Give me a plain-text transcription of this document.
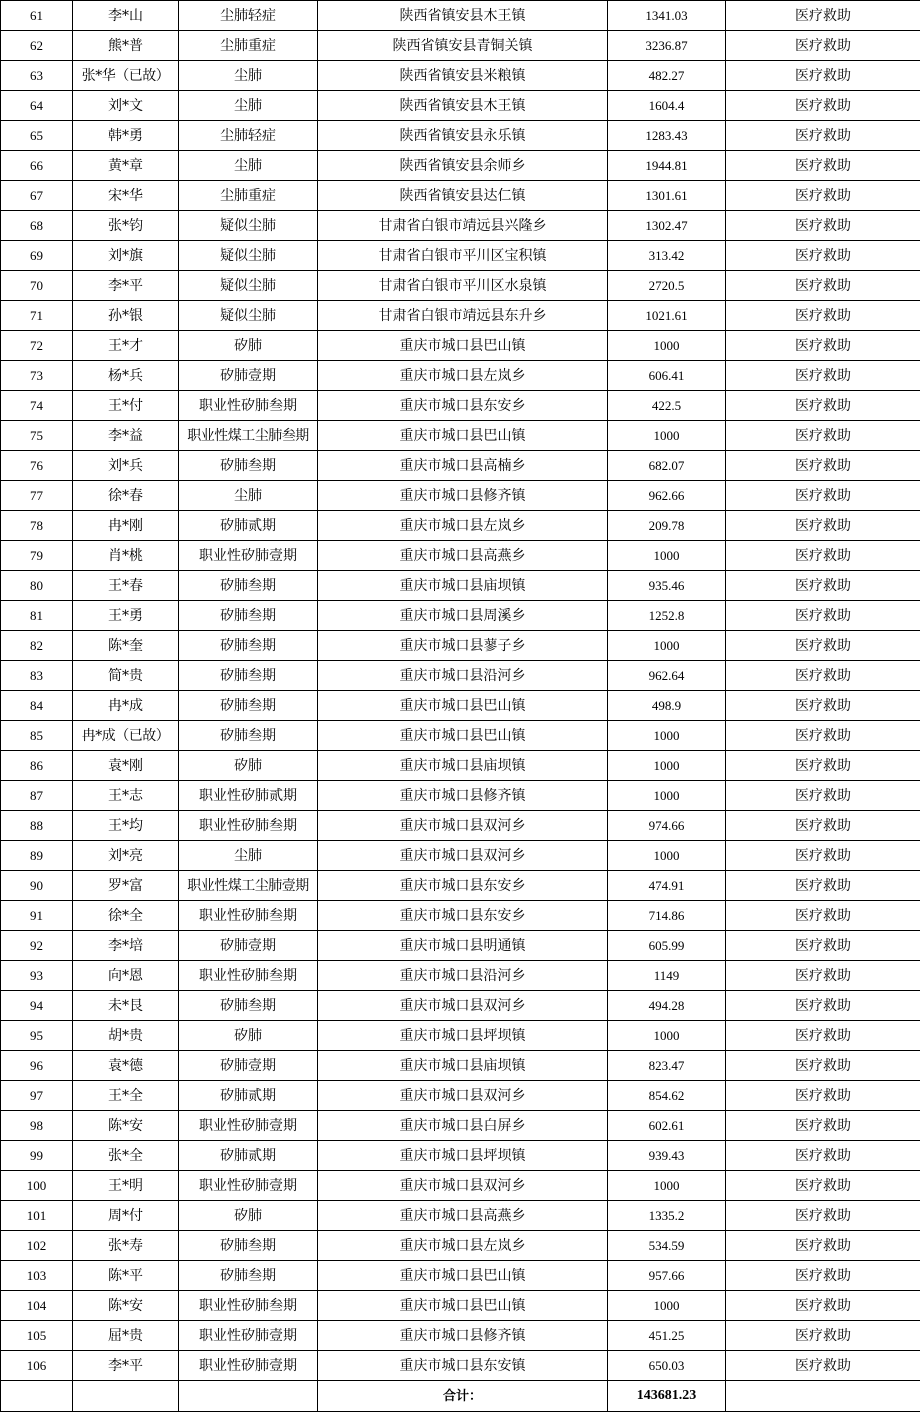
61	李*山	尘肺轻症	陕西省镇安县木王镇	1341.03	医疗救助
62	熊*普	尘肺重症	陕西省镇安县青铜关镇	3236.87	医疗救助
63	张*华（已故）	尘肺	陕西省镇安县米粮镇	482.27	医疗救助
64	刘*文	尘肺	陕西省镇安县木王镇	1604.4	医疗救助
65	韩*勇	尘肺轻症	陕西省镇安县永乐镇	1283.43	医疗救助
66	黄*章	尘肺	陕西省镇安县余师乡	1944.81	医疗救助
67	宋*华	尘肺重症	陕西省镇安县达仁镇	1301.61	医疗救助
68	张*钧	疑似尘肺	甘肃省白银市靖远县兴隆乡	1302.47	医疗救助
69	刘*旗	疑似尘肺	甘肃省白银市平川区宝积镇	313.42	医疗救助
70	李*平	疑似尘肺	甘肃省白银市平川区水泉镇	2720.5	医疗救助
71	孙*银	疑似尘肺	甘肃省白银市靖远县东升乡	1021.61	医疗救助
72	王*才	矽肺	重庆市城口县巴山镇	1000	医疗救助
73	杨*兵	矽肺壹期	重庆市城口县左岚乡	606.41	医疗救助
74	王*付	职业性矽肺叁期	重庆市城口县东安乡	422.5	医疗救助
75	李*益	职业性煤工尘肺叁期	重庆市城口县巴山镇	1000	医疗救助
76	刘*兵	矽肺叁期	重庆市城口县高楠乡	682.07	医疗救助
77	徐*春	尘肺	重庆市城口县修齐镇	962.66	医疗救助
78	冉*刚	矽肺贰期	重庆市城口县左岚乡	209.78	医疗救助
79	肖*桃	职业性矽肺壹期	重庆市城口县高燕乡	1000	医疗救助
80	王*春	矽肺叁期	重庆市城口县庙坝镇	935.46	医疗救助
81	王*勇	矽肺叁期	重庆市城口县周溪乡	1252.8	医疗救助
82	陈*奎	矽肺叁期	重庆市城口县蓼子乡	1000	医疗救助
83	简*贵	矽肺叁期	重庆市城口县沿河乡	962.64	医疗救助
84	冉*成	矽肺叁期	重庆市城口县巴山镇	498.9	医疗救助
85	冉*成（已故）	矽肺叁期	重庆市城口县巴山镇	1000	医疗救助
86	袁*刚	矽肺	重庆市城口县庙坝镇	1000	医疗救助
87	王*志	职业性矽肺贰期	重庆市城口县修齐镇	1000	医疗救助
88	王*均	职业性矽肺叁期	重庆市城口县双河乡	974.66	医疗救助
89	刘*亮	尘肺	重庆市城口县双河乡	1000	医疗救助
90	罗*富	职业性煤工尘肺壹期	重庆市城口县东安乡	474.91	医疗救助
91	徐*全	职业性矽肺叁期	重庆市城口县东安乡	714.86	医疗救助
92	李*培	矽肺壹期	重庆市城口县明通镇	605.99	医疗救助
93	向*恩	职业性矽肺叁期	重庆市城口县沿河乡	1149	医疗救助
94	未*艮	矽肺叁期	重庆市城口县双河乡	494.28	医疗救助
95	胡*贵	矽肺	重庆市城口县坪坝镇	1000	医疗救助
96	袁*德	矽肺壹期	重庆市城口县庙坝镇	823.47	医疗救助
97	王*全	矽肺贰期	重庆市城口县双河乡	854.62	医疗救助
98	陈*安	职业性矽肺壹期	重庆市城口县白屏乡	602.61	医疗救助
99	张*全	矽肺贰期	重庆市城口县坪坝镇	939.43	医疗救助
100	王*明	职业性矽肺壹期	重庆市城口县双河乡	1000	医疗救助
101	周*付	矽肺	重庆市城口县高燕乡	1335.2	医疗救助
102	张*寿	矽肺叁期	重庆市城口县左岚乡	534.59	医疗救助
103	陈*平	矽肺叁期	重庆市城口县巴山镇	957.66	医疗救助
104	陈*安	职业性矽肺叁期	重庆市城口县巴山镇	1000	医疗救助
105	屈*贵	职业性矽肺壹期	重庆市城口县修齐镇	451.25	医疗救助
106	李*平	职业性矽肺壹期	重庆市城口县东安镇	650.03	医疗救助
			合计：	143681.23	
